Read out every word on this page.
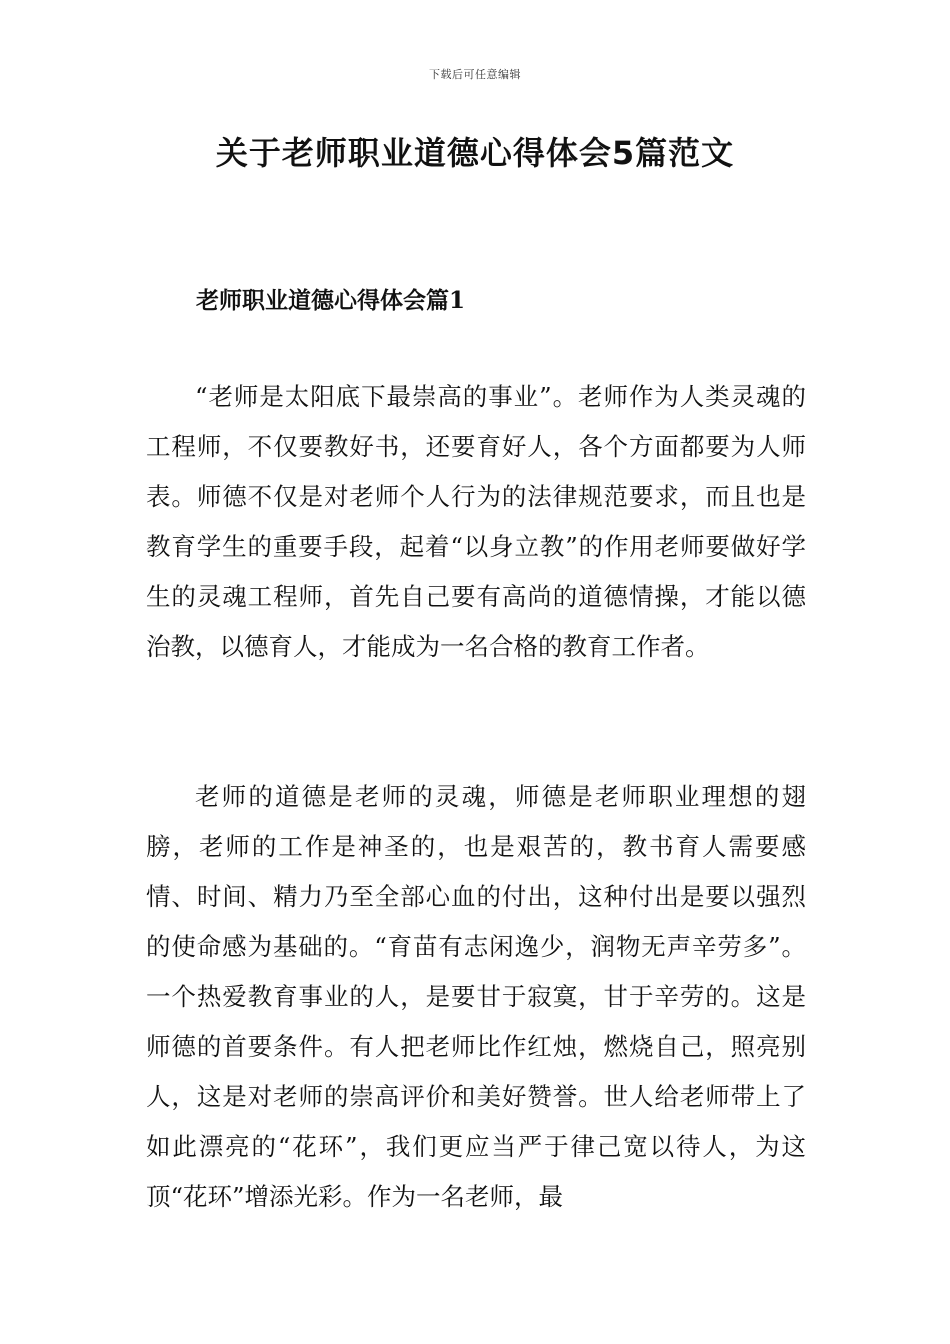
下载后可任意编辑
关于老师职业道德心得体会5篇范文
老师职业道德心得体会篇1

“老师是太阳底下最崇高的事业”。老师作为人类灵魂的工程师，不仅要教好书，还要育好人，各个方面都要为人师表。师德不仅是对老师个人行为的法律规范要求，而且也是教育学生的重要手段，起着“以身立教”的作用老师要做好学生的灵魂工程师，首先自己要有高尚的道德情操，才能以德治教，以德育人，才能成为一名合格的教育工作者。

老师的道德是老师的灵魂，师德是老师职业理想的翅膀，老师的工作是神圣的，也是艰苦的，教书育人需要感情、时间、精力乃至全部心血的付出，这种付出是要以强烈的使命感为基础的。“育苗有志闲逸少，润物无声辛劳多”。一个热爱教育事业的人，是要甘于寂寞，甘于辛劳的。这是师德的首要条件。有人把老师比作红烛，燃烧自己，照亮别人，这是对老师的崇高评价和美好赞誉。世人给老师带上了如此漂亮的“花环”，我们更应当严于律己宽以待人，为这顶“花环”增添光彩。作为一名老师，最
